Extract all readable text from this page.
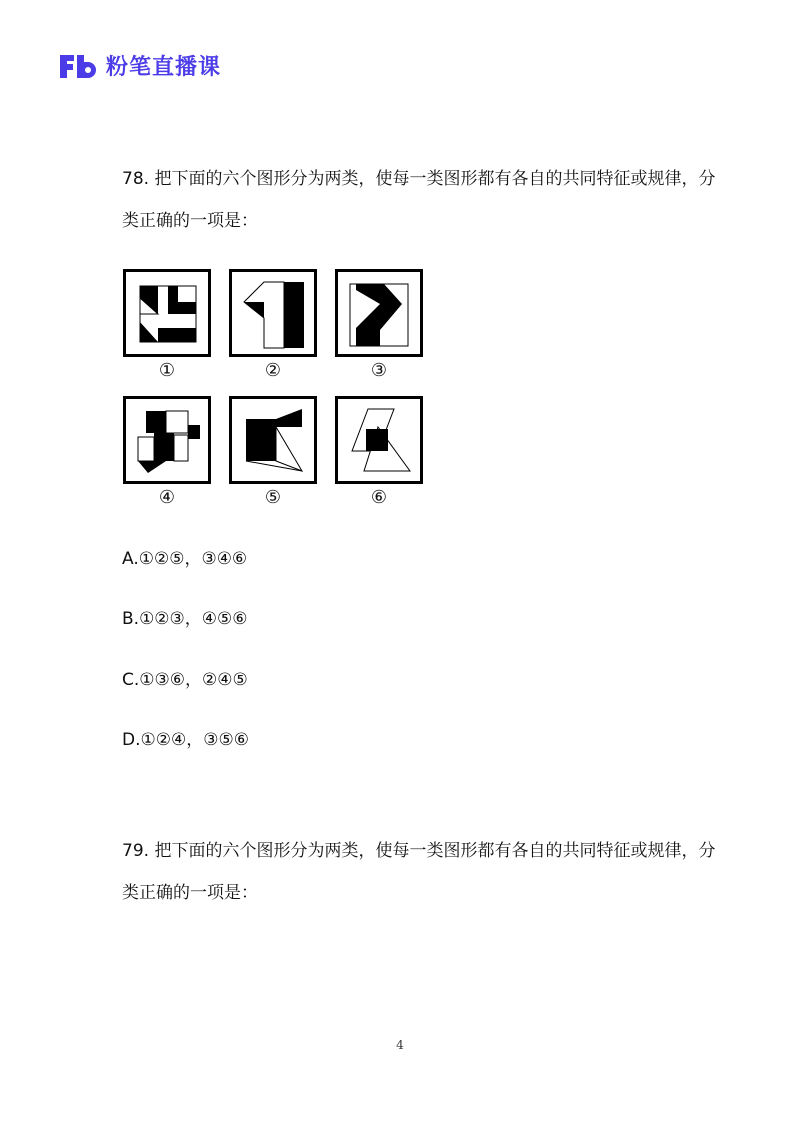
粉笔直播课

78. 把下面的六个图形分为两类，使每一类图形都有各自的共同特征或规律，分类正确的一项是：

①	②	③
④	⑤	⑥
A.①②⑤，③④⑥
B.①②③，④⑤⑥
C.①③⑥，②④⑤
D.①②④，③⑤⑥

79. 把下面的六个图形分为两类，使每一类图形都有各自的共同特征或规律，分类正确的一项是：

4
